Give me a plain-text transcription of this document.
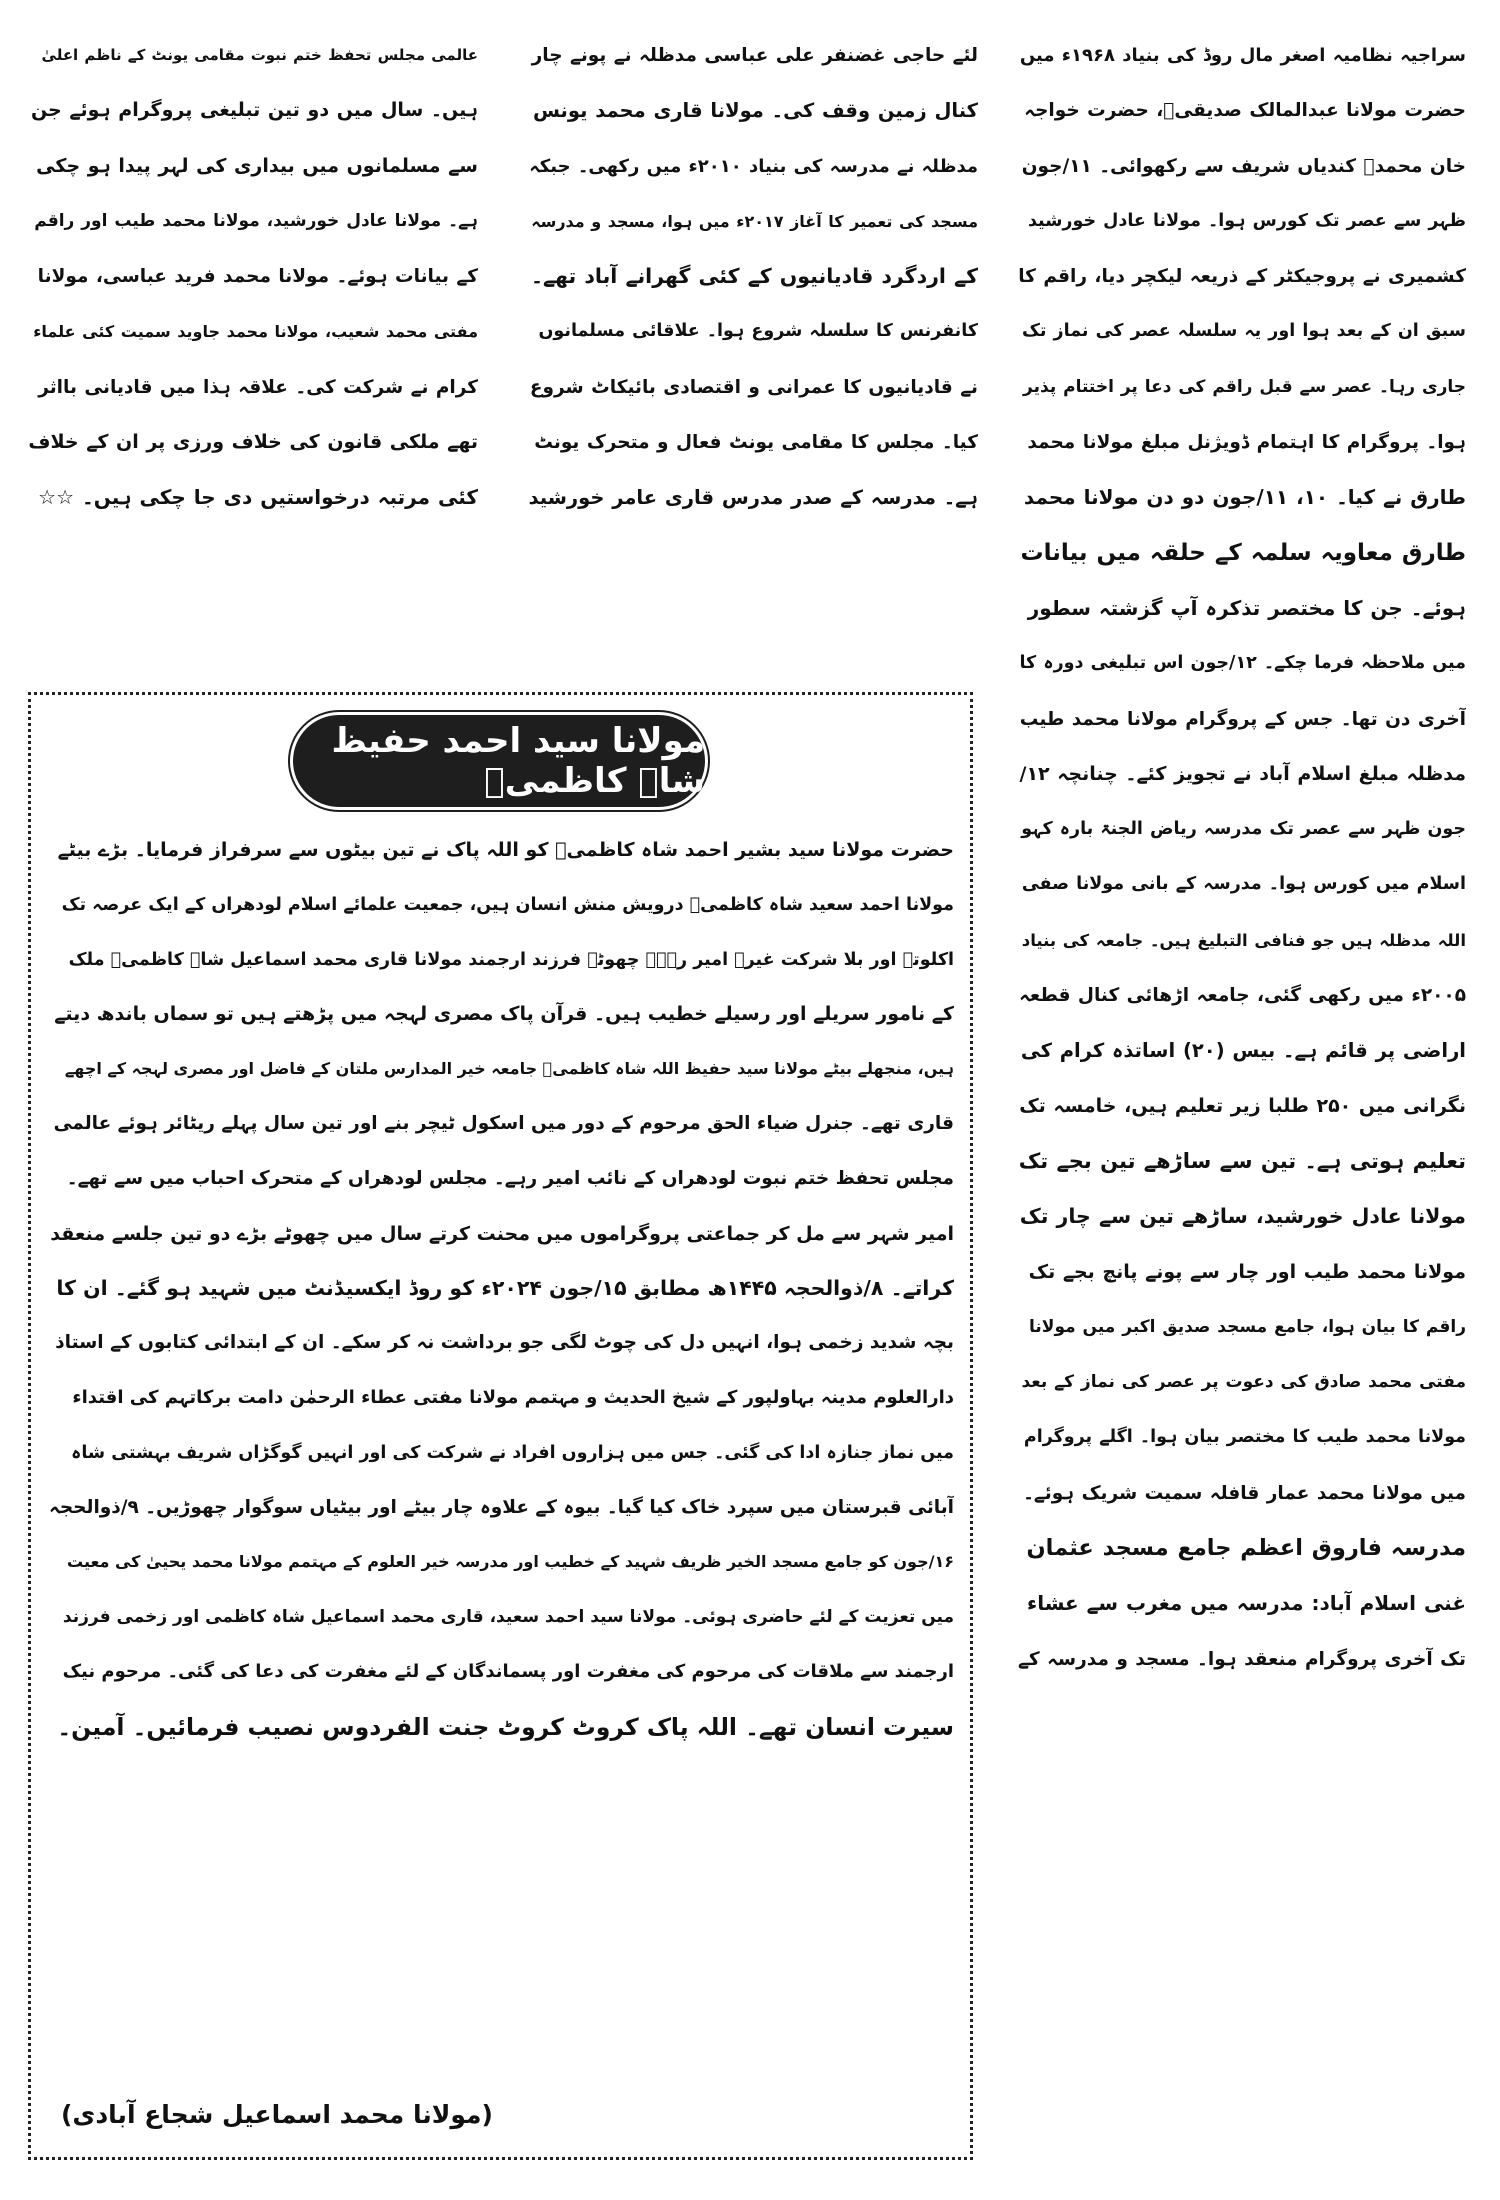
سراجیہ نظامیہ اصغر مال روڈ کی بنیاد ۱۹۶۸ء میں
حضرت مولانا عبدالمالک صدیقیؒ، حضرت خواجہ
خان محمدؒ کندیاں شریف سے رکھوائی۔ ۱۱/جون
ظہر سے عصر تک کورس ہوا۔ مولانا عادل خورشید
کشمیری نے پروجیکٹر کے ذریعہ لیکچر دیا، راقم کا
سبق ان کے بعد ہوا اور یہ سلسلہ عصر کی نماز تک
جاری رہا۔ عصر سے قبل راقم کی دعا پر اختتام پذیر
ہوا۔ پروگرام کا اہتمام ڈویژنل مبلغ مولانا محمد
طارق نے کیا۔ ۱۰، ۱۱/جون دو دن مولانا محمد
طارق معاویہ سلمہ کے حلقہ میں بیانات
ہوئے۔ جن کا مختصر تذکرہ آپ گزشتہ سطور
میں ملاحظہ فرما چکے۔ ۱۲/جون اس تبلیغی دورہ کا
آخری دن تھا۔ جس کے پروگرام مولانا محمد طیب
مدظلہ مبلغ اسلام آباد نے تجویز کئے۔ چنانچہ ۱۲/
جون ظہر سے عصر تک مدرسہ ریاض الجنۃ بارہ کہو
اسلام میں کورس ہوا۔ مدرسہ کے بانی مولانا صفی
اللہ مدظلہ ہیں جو فنافی التبلیغ ہیں۔ جامعہ کی بنیاد
۲۰۰۵ء میں رکھی گئی، جامعہ اڑھائی کنال قطعہ
اراضی پر قائم ہے۔ بیس (۲۰) اساتذہ کرام کی
نگرانی میں ۲۵۰ طلبا زیر تعلیم ہیں، خامسہ تک
تعلیم ہوتی ہے۔ تین سے ساڑھے تین بجے تک
مولانا عادل خورشید، ساڑھے تین سے چار تک
مولانا محمد طیب اور چار سے پونے پانچ بجے تک
راقم کا بیان ہوا، جامع مسجد صدیق اکبر میں مولانا
مفتی محمد صادق کی دعوت پر عصر کی نماز کے بعد
مولانا محمد طیب کا مختصر بیان ہوا۔ اگلے پروگرام
میں مولانا محمد عمار قافلہ سمیت شریک ہوئے۔
مدرسہ فاروق اعظم جامع مسجد عثمان
غنی اسلام آباد: مدرسہ میں مغرب سے عشاء
تک آخری پروگرام منعقد ہوا۔ مسجد و مدرسہ کے
لئے حاجی غضنفر علی عباسی مدظلہ نے پونے چار
کنال زمین وقف کی۔ مولانا قاری محمد یونس
مدظلہ نے مدرسہ کی بنیاد ۲۰۱۰ء میں رکھی۔ جبکہ
مسجد کی تعمیر کا آغاز ۲۰۱۷ء میں ہوا، مسجد و مدرسہ
کے اردگرد قادیانیوں کے کئی گھرانے آباد تھے۔
کانفرنس کا سلسلہ شروع ہوا۔ علاقائی مسلمانوں
نے قادیانیوں کا عمرانی و اقتصادی بائیکاٹ شروع
کیا۔ مجلس کا مقامی یونٹ فعال و متحرک یونٹ
ہے۔ مدرسہ کے صدر مدرس قاری عامر خورشید
عالمی مجلس تحفظ ختم نبوت مقامی یونٹ کے ناظم اعلیٰ
ہیں۔ سال میں دو تین تبلیغی پروگرام ہوئے جن
سے مسلمانوں میں بیداری کی لہر پیدا ہو چکی
ہے۔ مولانا عادل خورشید، مولانا محمد طیب اور راقم
کے بیانات ہوئے۔ مولانا محمد فرید عباسی، مولانا
مفتی محمد شعیب، مولانا محمد جاوید سمیت کئی علماء
کرام نے شرکت کی۔ علاقہ ہذا میں قادیانی بااثر
تھے ملکی قانون کی خلاف ورزی پر ان کے خلاف
کئی مرتبہ درخواستیں دی جا چکی ہیں۔ ☆☆
مولانا سید احمد حفیظ شاہ کاظمیؒ
حضرت مولانا سید بشیر احمد شاہ کاظمیؒ کو اللہ پاک نے تین بیٹوں سے سرفراز فرمایا۔ بڑے بیٹے
مولانا احمد سعید شاہ کاظمیؒ درویش منش انسان ہیں، جمعیت علمائے اسلام لودھراں کے ایک عرصہ تک
اکلوتے اور بلا شرکت غیرے امیر رہے۔ چھوٹے فرزند ارجمند مولانا قاری محمد اسماعیل شاہ کاظمیؒ ملک
کے نامور سریلے اور رسیلے خطیب ہیں۔ قرآن پاک مصری لہجہ میں پڑھتے ہیں تو سماں باندھ دیتے
ہیں، منجھلے بیٹے مولانا سید حفیظ اللہ شاہ کاظمیؒ جامعہ خیر المدارس ملتان کے فاضل اور مصری لہجہ کے اچھے
قاری تھے۔ جنرل ضیاء الحق مرحوم کے دور میں اسکول ٹیچر بنے اور تین سال پہلے ریٹائر ہوئے عالمی
مجلس تحفظ ختم نبوت لودھراں کے نائب امیر رہے۔ مجلس لودھراں کے متحرک احباب میں سے تھے۔
امیر شہر سے مل کر جماعتی پروگراموں میں محنت کرتے سال میں چھوٹے بڑے دو تین جلسے منعقد
کراتے۔ ۸/ذوالحجہ ۱۴۴۵ھ مطابق ۱۵/جون ۲۰۲۴ء کو روڈ ایکسیڈنٹ میں شہید ہو گئے۔ ان کا
بچہ شدید زخمی ہوا، انہیں دل کی چوٹ لگی جو برداشت نہ کر سکے۔ ان کے ابتدائی کتابوں کے استاذ
دارالعلوم مدینہ بہاولپور کے شیخ الحدیث و مہتمم مولانا مفتی عطاء الرحمٰن دامت برکاتہم کی اقتداء
میں نماز جنازہ ادا کی گئی۔ جس میں ہزاروں افراد نے شرکت کی اور انہیں گوگڑاں شریف بہشتی شاہ
آبائی قبرستان میں سپرد خاک کیا گیا۔ بیوہ کے علاوہ چار بیٹے اور بیٹیاں سوگوار چھوڑیں۔ ۹/ذوالحجہ
۱۶/جون کو جامع مسجد الخیر ظریف شہید کے خطیب اور مدرسہ خیر العلوم کے مہتمم مولانا محمد یحییٰ کی معیت
میں تعزیت کے لئے حاضری ہوئی۔ مولانا سید احمد سعید، قاری محمد اسماعیل شاہ کاظمی اور زخمی فرزند
ارجمند سے ملاقات کی مرحوم کی مغفرت اور پسماندگان کے لئے مغفرت کی دعا کی گئی۔ مرحوم نیک
سیرت انسان تھے۔ اللہ پاک کروٹ کروٹ جنت الفردوس نصیب فرمائیں۔ آمین۔
(مولانا محمد اسماعیل شجاع آبادی)
